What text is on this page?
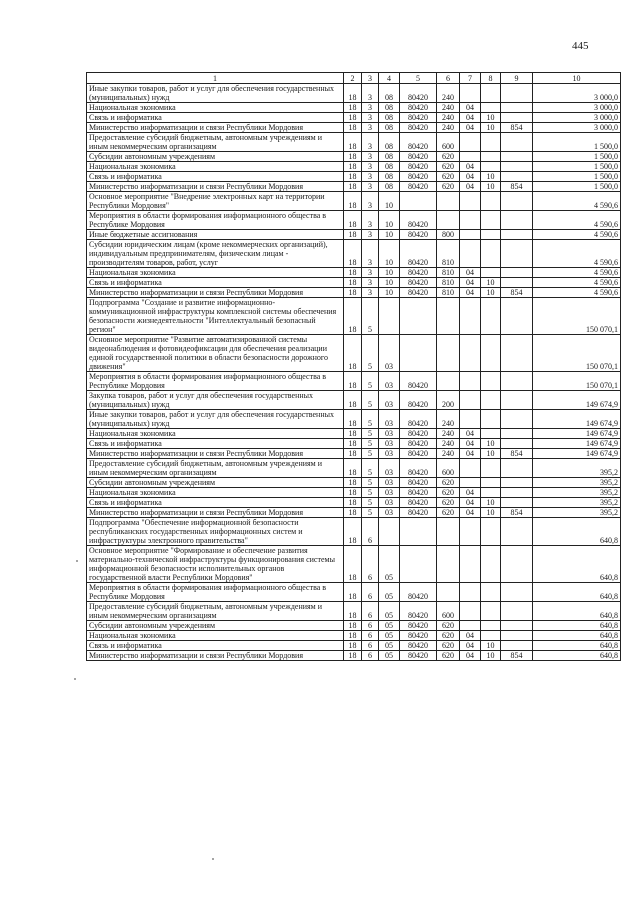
445
1	2	3	4	5	6	7	8	9	10
Иные закупки товаров, работ и услуг для обеспечения государственных (муниципальных) нужд	18	3	08	80420	240				3 000,0
Национальная экономика	18	3	08	80420	240	04			3 000,0
Связь и информатика	18	3	08	80420	240	04	10		3 000,0
Министерство информатизации и связи Республики Мордовия	18	3	08	80420	240	04	10	854	3 000,0
Предоставление субсидий бюджетным, автономным учреждениям и иным некоммерческим организациям	18	3	08	80420	600				1 500,0
Субсидии автономным учреждениям	18	3	08	80420	620				1 500,0
Национальная экономика	18	3	08	80420	620	04			1 500,0
Связь и информатика	18	3	08	80420	620	04	10		1 500,0
Министерство информатизации и связи Республики Мордовия	18	3	08	80420	620	04	10	854	1 500,0
Основное мероприятие "Внедрение электронных карт на территории Республики Мордовия"	18	3	10						4 590,6
Мероприятия в области формирования информационного общества в Республике Мордовия	18	3	10	80420					4 590,6
Иные бюджетные ассигнования	18	3	10	80420	800				4 590,6
Субсидии юридическим лицам (кроме некоммерческих организаций), индивидуальным предпринимателям, физическим лицам - производителям товаров, работ, услуг	18	3	10	80420	810				4 590,6
Национальная экономика	18	3	10	80420	810	04			4 590,6
Связь и информатика	18	3	10	80420	810	04	10		4 590,6
Министерство информатизации и связи Республики Мордовия	18	3	10	80420	810	04	10	854	4 590,6
Подпрограмма "Создание и развитие информационно-коммуникационной инфраструктуры комплексной системы обеспечения безопасности жизнедеятельности "Интеллектуальный безопасный регион"	18	5							150 070,1
Основное мероприятие "Развитие автоматизированной системы видеонаблюдения и фотовидеофиксации для обеспечения реализации единой государственной политики в области безопасности дорожного движения"	18	5	03						150 070,1
Мероприятия в области формирования информационного общества в Республике Мордовия	18	5	03	80420					150 070,1
Закупка товаров, работ и услуг для обеспечения государственных (муниципальных) нужд	18	5	03	80420	200				149 674,9
Иные закупки товаров, работ и услуг для обеспечения государственных (муниципальных) нужд	18	5	03	80420	240				149 674,9
Национальная экономика	18	5	03	80420	240	04			149 674,9
Связь и информатика	18	5	03	80420	240	04	10		149 674,9
Министерство информатизации и связи Республики Мордовия	18	5	03	80420	240	04	10	854	149 674,9
Предоставление субсидий бюджетным, автономным учреждениям и иным некоммерческим организациям	18	5	03	80420	600				395,2
Субсидии автономным учреждениям	18	5	03	80420	620				395,2
Национальная экономика	18	5	03	80420	620	04			395,2
Связь и информатика	18	5	03	80420	620	04	10		395,2
Министерство информатизации и связи Республики Мордовия	18	5	03	80420	620	04	10	854	395,2
Подпрограмма "Обеспечение информационной безопасности республиканских государственных информационных систем и инфраструктуры электронного правительства"	18	6							640,8
Основное мероприятие "Формирование и обеспечение развития материально-технической инфраструктуры функционирования системы информационной безопасности исполнительных органов государственной власти Республики Мордовия"	18	6	05						640,8
Мероприятия в области формирования информационного общества в Республике Мордовия	18	6	05	80420					640,8
Предоставление субсидий бюджетным, автономным учреждениям и иным некоммерческим организациям	18	6	05	80420	600				640,8
Субсидии автономным учреждениям	18	6	05	80420	620				640,8
Национальная экономика	18	6	05	80420	620	04			640,8
Связь и информатика	18	6	05	80420	620	04	10		640,8
Министерство информатизации и связи Республики Мордовия	18	6	05	80420	620	04	10	854	640,8
